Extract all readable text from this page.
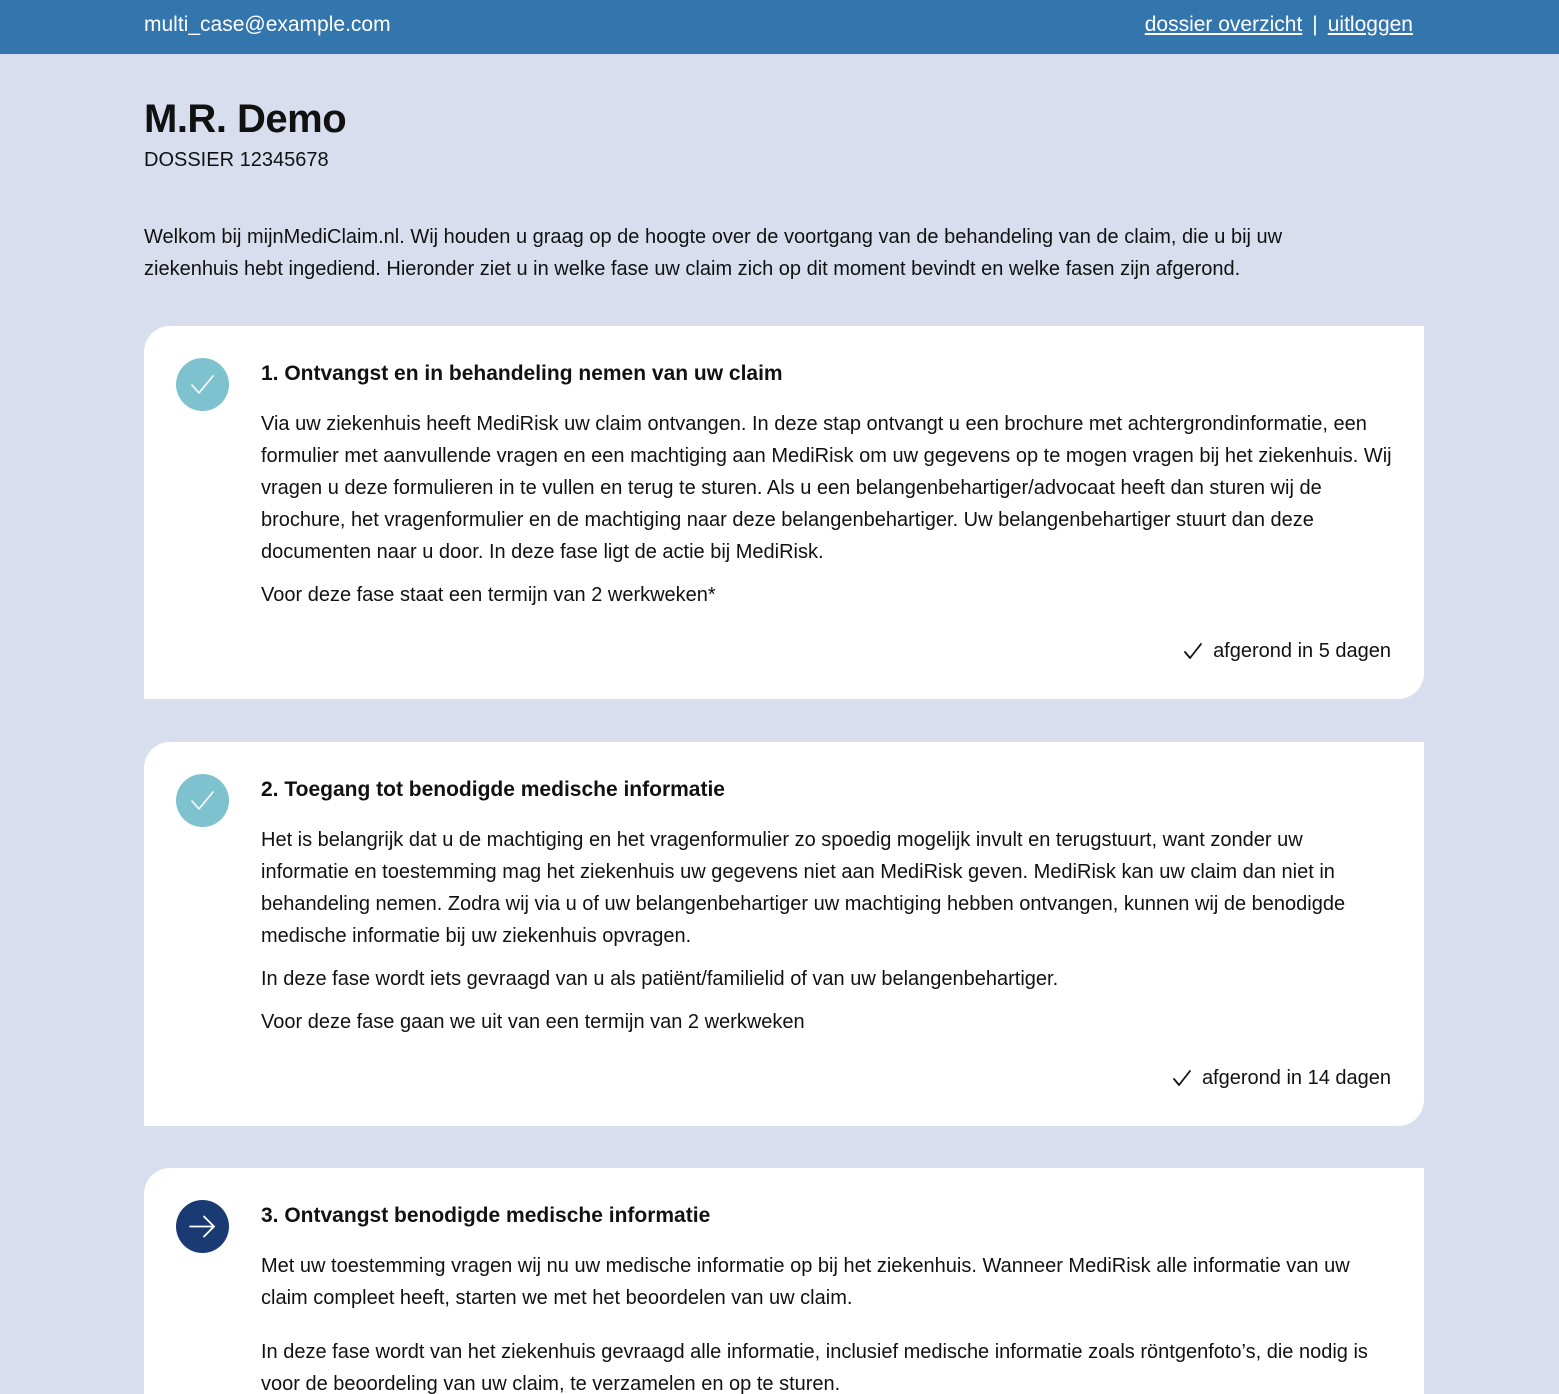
multi_case@example.com	dossier overzicht | uitloggen
M.R. Demo
DOSSIER 12345678

Welkom bij mijnMediClaim.nl. Wij houden u graag op de hoogte over de voortgang van de behandeling van de claim, die u bij uw ziekenhuis hebt ingediend. Hieronder ziet u in welke fase uw claim zich op dit moment bevindt en welke fasen zijn afgerond.

1. Ontvangst en in behandeling nemen van uw claim

Via uw ziekenhuis heeft MediRisk uw claim ontvangen. In deze stap ontvangt u een brochure met achtergrondinformatie, een formulier met aanvullende vragen en een machtiging aan MediRisk om uw gegevens op te mogen vragen bij het ziekenhuis. Wij vragen u deze formulieren in te vullen en terug te sturen. Als u een belangenbehartiger/advocaat heeft dan sturen wij de brochure, het vragenformulier en de machtiging naar deze belangenbehartiger. Uw belangenbehartiger stuurt dan deze documenten naar u door. In deze fase ligt de actie bij MediRisk.

Voor deze fase staat een termijn van 2 werkweken*

afgerond in 5 dagen
2. Toegang tot benodigde medische informatie

Het is belangrijk dat u de machtiging en het vragenformulier zo spoedig mogelijk invult en terugstuurt, want zonder uw informatie en toestemming mag het ziekenhuis uw gegevens niet aan MediRisk geven. MediRisk kan uw claim dan niet in behandeling nemen. Zodra wij via u of uw belangenbehartiger uw machtiging hebben ontvangen, kunnen wij de benodigde medische informatie bij uw ziekenhuis opvragen.

In deze fase wordt iets gevraagd van u als patiënt/familielid of van uw belangenbehartiger.

Voor deze fase gaan we uit van een termijn van 2 werkweken

afgerond in 14 dagen
3. Ontvangst benodigde medische informatie

Met uw toestemming vragen wij nu uw medische informatie op bij het ziekenhuis. Wanneer MediRisk alle informatie van uw claim compleet heeft, starten we met het beoordelen van uw claim.

In deze fase wordt van het ziekenhuis gevraagd alle informatie, inclusief medische informatie zoals röntgenfoto’s, die nodig is voor de beoordeling van uw claim, te verzamelen en op te sturen.
